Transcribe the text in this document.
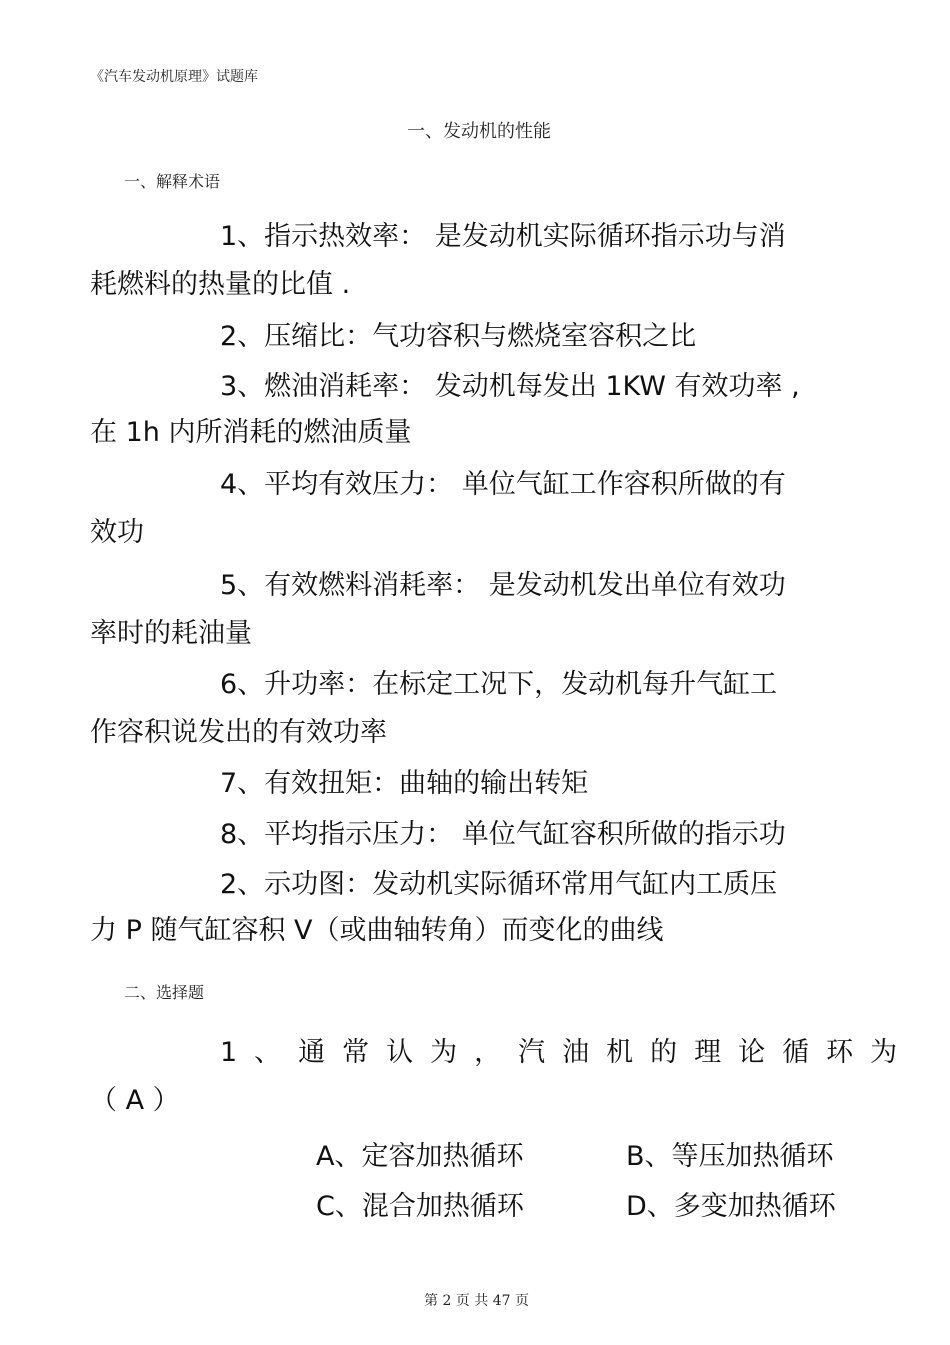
《汽车发动机原理》试题库
一、发动机的性能
一、解释术语
1、指示热效率： 是发动机实际循环指示功与消
耗燃料的热量的比值 .
2、压缩比：气功容积与燃烧室容积之比
3、燃油消耗率： 发动机每发出 1KW 有效功率 ,
在 1h 内所消耗的燃油质量
4、平均有效压力： 单位气缸工作容积所做的有
效功
5、有效燃料消耗率： 是发动机发出单位有效功
率时的耗油量
6、升功率：在标定工况下，发动机每升气缸工
作容积说发出的有效功率
7、有效扭矩：曲轴的输出转矩
8、平均指示压力： 单位气缸容积所做的指示功
2、示功图：发动机实际循环常用气缸内工质压
力 P 随气缸容积 V（或曲轴转角）而变化的曲线
二、选择题
1、通常认为，汽油机的理论循环为
（ A ）
A、定容加热循环	B、等压加热循环
C、混合加热循环	D、多变加热循环
第 2 页 共 47 页
